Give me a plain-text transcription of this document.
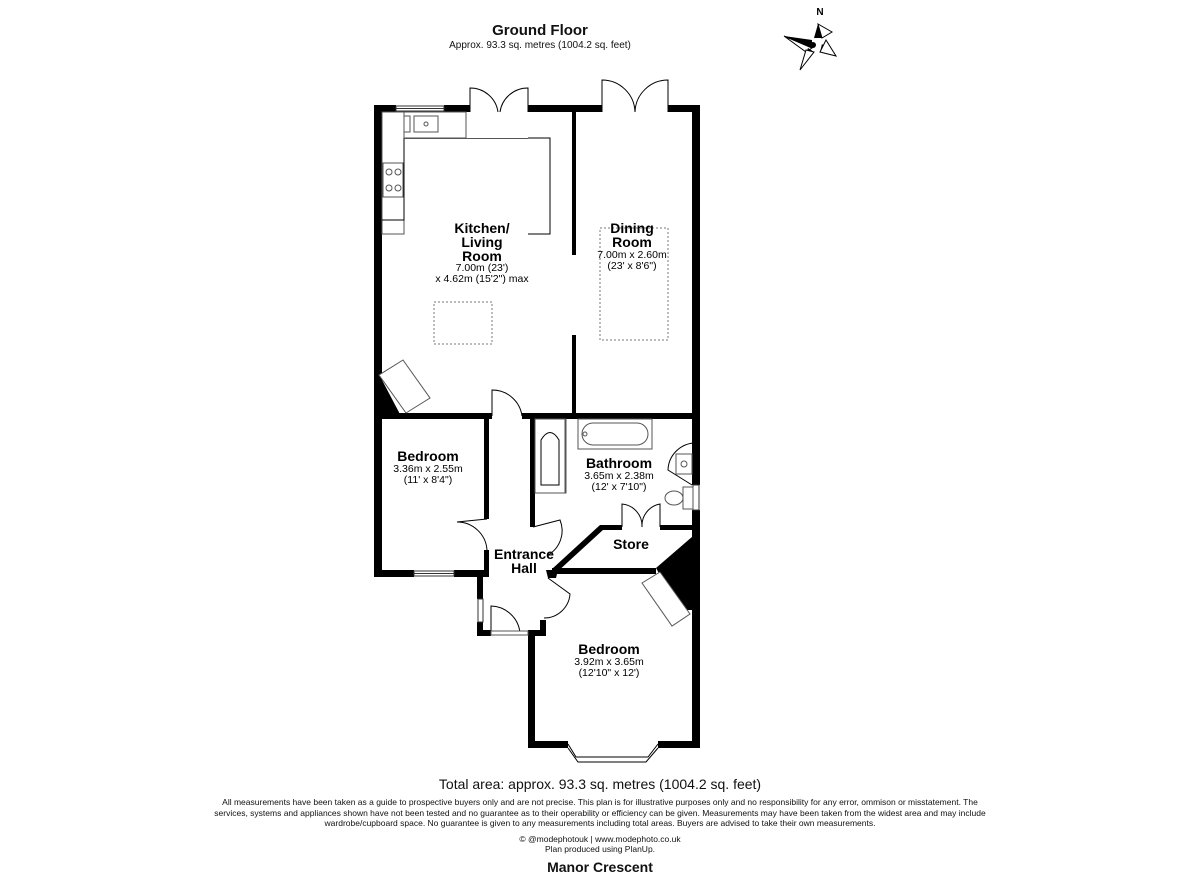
Ground Floor
Approx. 93.3 sq. metres (1004.2 sq. feet)
N
Kitchen/
Living
Room
7.00m (23')
x 4.62m (15'2") max
Dining
Room
7.00m x 2.60m
(23' x 8'6")
Bedroom
3.36m x 2.55m
(11' x 8'4")
Bathroom
3.65m x 2.38m
(12' x 7'10")
Store
Entrance
Hall
Bedroom
3.92m x 3.65m
(12'10" x 12')
Total area: approx. 93.3 sq. metres (1004.2 sq. feet)
All measurements have been taken as a guide to prospective buyers only and are not precise. This plan is for illustrative purposes only and no responsibility for any error, ommison or misstatement. The services, systems and appliances shown have not been tested and no guarantee as to their operability or efficiency can be given. Measurements may have been taken from the widest area and may include wardrobe/cupboard space. No guarantee is given to any measurements including total areas. Buyers are advised to take their own measurements.
© @modephotouk | www.modephoto.co.uk
Plan produced using PlanUp.
Manor Crescent
